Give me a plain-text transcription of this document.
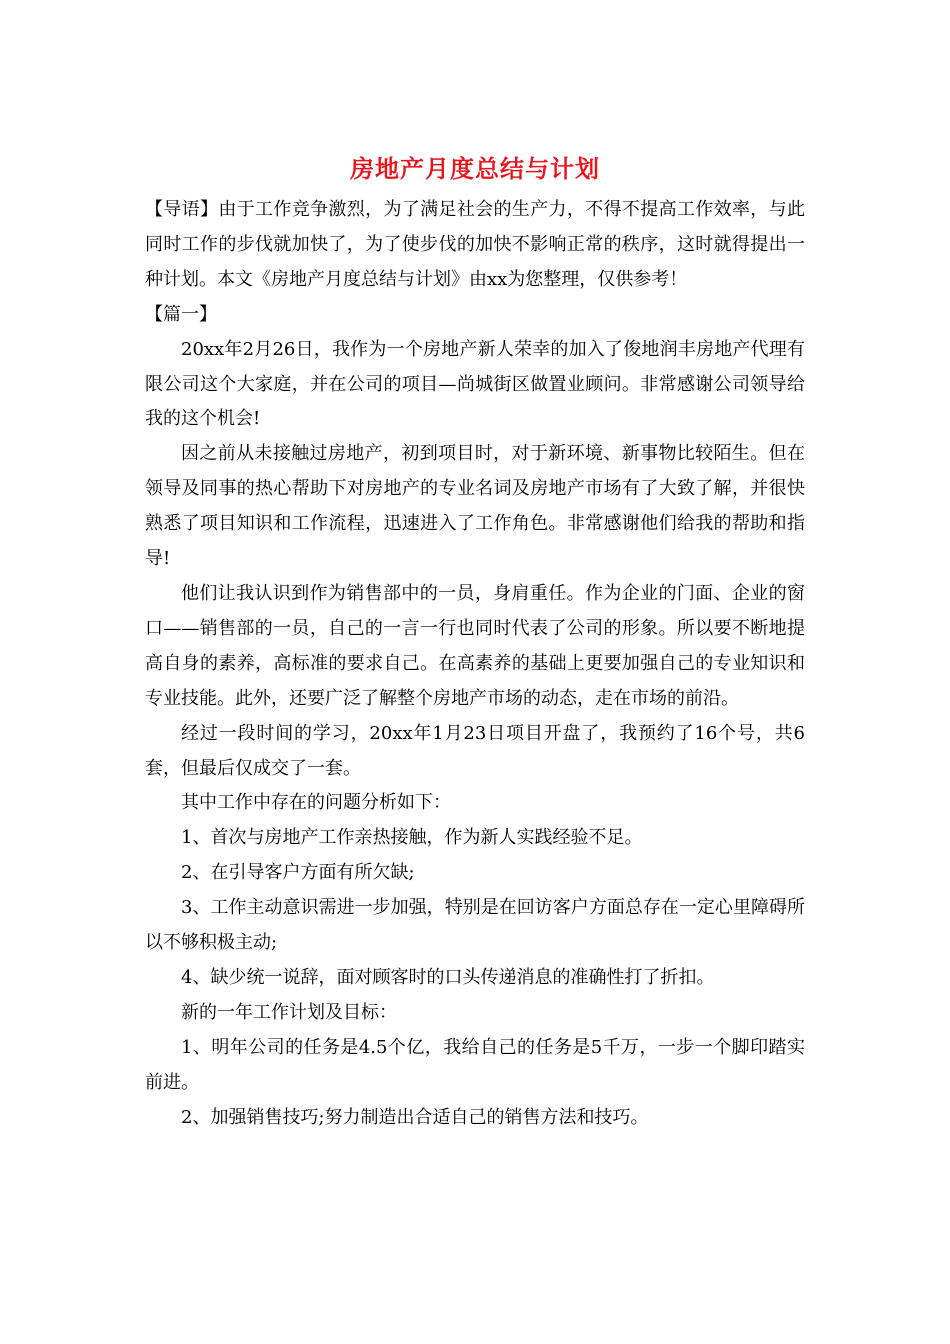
房地产月度总结与计划

【导语】由于工作竞争激烈，为了满足社会的生产力，不得不提高工作效率，与此同时工作的步伐就加快了，为了使步伐的加快不影响正常的秩序，这时就得提出一种计划。本文《房地产月度总结与计划》由xx为您整理，仅供参考！

【篇一】

20xx年2月26日，我作为一个房地产新人荣幸的加入了俊地润丰房地产代理有限公司这个大家庭，并在公司的项目—尚城街区做置业顾问。非常感谢公司领导给我的这个机会!

因之前从未接触过房地产，初到项目时，对于新环境、新事物比较陌生。但在领导及同事的热心帮助下对房地产的专业名词及房地产市场有了大致了解，并很快熟悉了项目知识和工作流程，迅速进入了工作角色。非常感谢他们给我的帮助和指导!

他们让我认识到作为销售部中的一员，身肩重任。作为企业的门面、企业的窗口——销售部的一员，自己的一言一行也同时代表了公司的形象。所以要不断地提高自身的素养，高标准的要求自己。在高素养的基础上更要加强自己的专业知识和专业技能。此外，还要广泛了解整个房地产市场的动态，走在市场的前沿。

经过一段时间的学习，20xx年1月23日项目开盘了，我预约了16个号，共6套，但最后仅成交了一套。

其中工作中存在的问题分析如下：

1、首次与房地产工作亲热接触，作为新人实践经验不足。

2、在引导客户方面有所欠缺;

3、工作主动意识需进一步加强，特别是在回访客户方面总存在一定心里障碍所以不够积极主动;

4、缺少统一说辞，面对顾客时的口头传递消息的准确性打了折扣。

新的一年工作计划及目标：

1、明年公司的任务是4.5个亿，我给自己的任务是5千万，一步一个脚印踏实前进。

2、加强销售技巧;努力制造出合适自己的销售方法和技巧。
